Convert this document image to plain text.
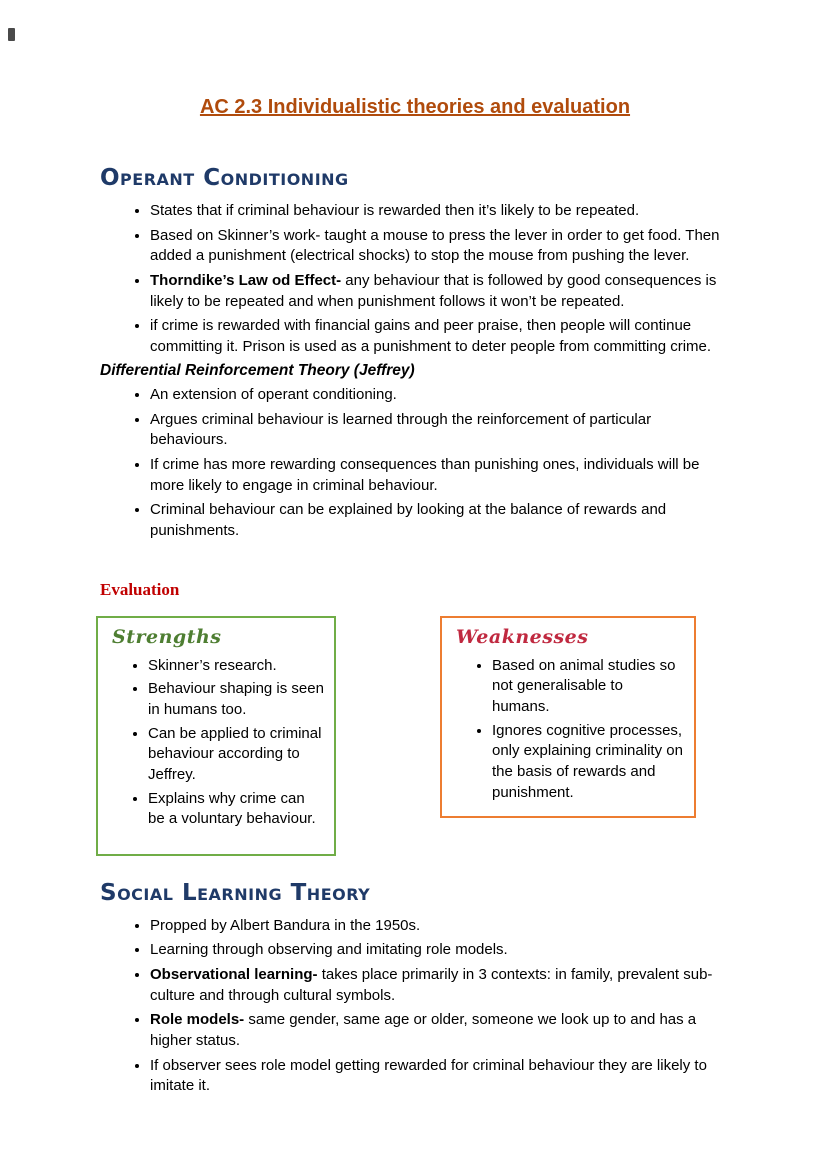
AC 2.3 Individualistic theories and evaluation
Operant Conditioning
• States that if criminal behaviour is rewarded then it’s likely to be repeated.
• Based on Skinner’s work- taught a mouse to press the lever in order to get food. Then added a punishment (electrical shocks) to stop the mouse from pushing the lever.
• Thorndike’s Law od Effect- any behaviour that is followed by good consequences is likely to be repeated and when punishment follows it won’t be repeated.
• if crime is rewarded with financial gains and peer praise, then people will continue committing it. Prison is used as a punishment to deter people from committing crime.
Differential Reinforcement Theory (Jeffrey)
• An extension of operant conditioning.
• Argues criminal behaviour is learned through the reinforcement of particular behaviours.
• If crime has more rewarding consequences than punishing ones, individuals will be more likely to engage in criminal behaviour.
• Criminal behaviour can be explained by looking at the balance of rewards and punishments.
Evaluation
Strengths
• Skinner’s research.
• Behaviour shaping is seen in humans too.
• Can be applied to criminal behaviour according to Jeffrey.
• Explains why crime can be a voluntary behaviour.
Weaknesses
• Based on animal studies so not generalisable to humans.
• Ignores cognitive processes, only explaining criminality on the basis of rewards and punishment.
Social Learning Theory
• Propped by Albert Bandura in the 1950s.
• Learning through observing and imitating role models.
• Observational learning- takes place primarily in 3 contexts: in family, prevalent sub-culture and through cultural symbols.
• Role models- same gender, same age or older, someone we look up to and has a higher status.
• If observer sees role model getting rewarded for criminal behaviour they are likely to imitate it.
